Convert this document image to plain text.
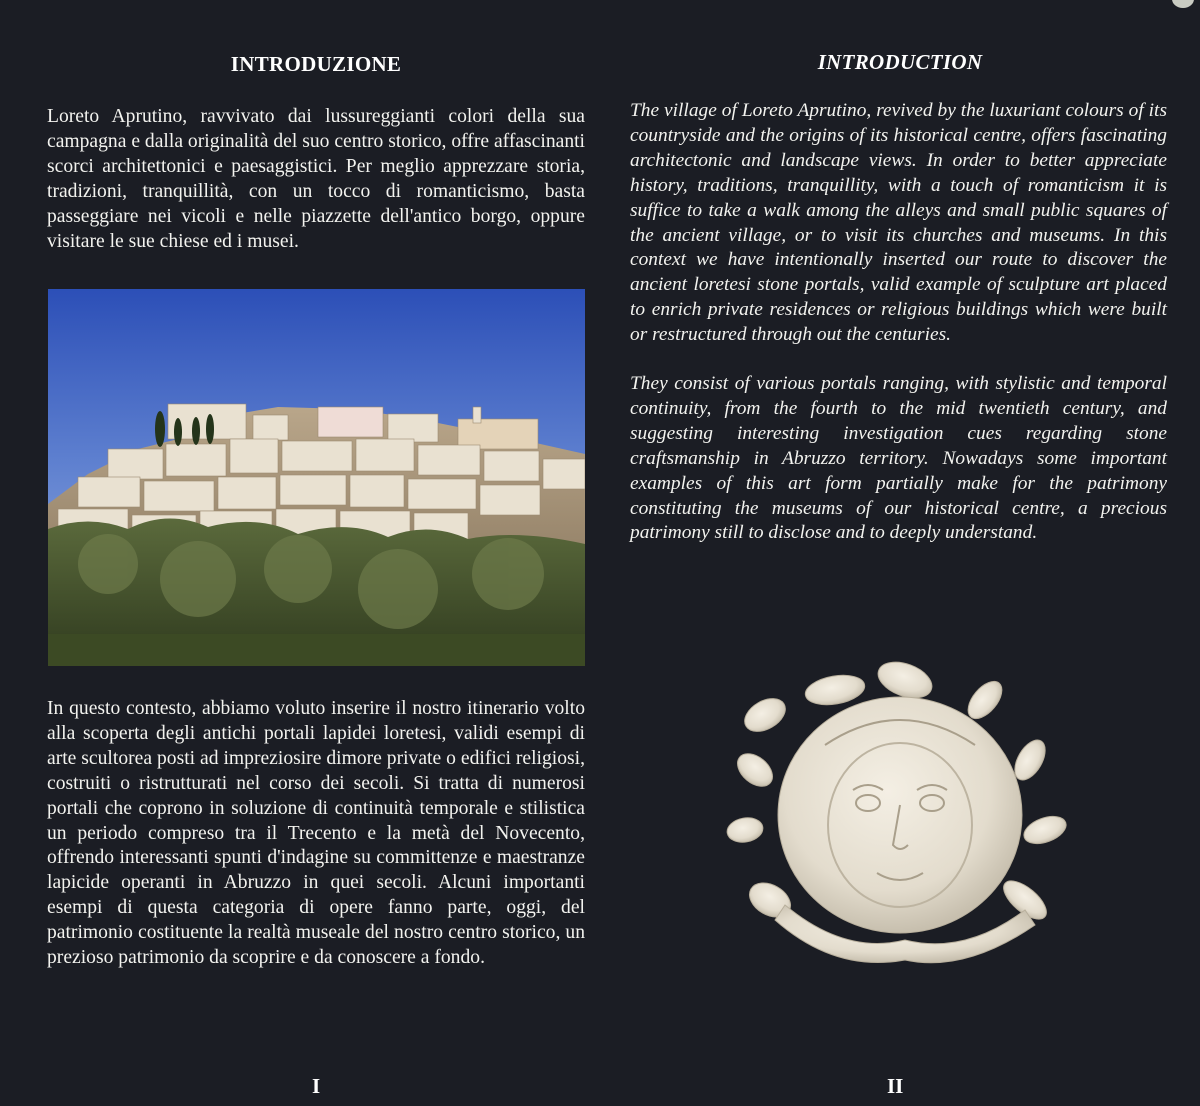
INTRODUZIONE

Loreto Aprutino, ravvivato dai lussureggianti colori della sua campagna e dalla originalità del suo centro storico, offre affascinanti scorci architettonici e paesaggistici. Per meglio apprezzare storia, tradizioni, tranquillità, con un tocco di romanticismo, basta passeggiare nei vicoli e nelle piazzette dell'antico borgo, oppure visitare le sue chiese ed i musei.

In questo contesto, abbiamo voluto inserire il nostro itinerario volto alla scoperta degli antichi portali lapidei loretesi, validi esempi di arte scultorea posti ad impreziosire dimore private o edifici religiosi, costruiti o ristrutturati nel corso dei secoli. Si tratta di numerosi portali che coprono in soluzione di continuità temporale e stilistica un periodo compreso tra il Trecento e la metà del Novecento, offrendo interessanti spunti d'indagine su committenze e maestranze lapicide operanti in Abruzzo in quei secoli. Alcuni importanti esempi di questa categoria di opere fanno parte, oggi, del patrimonio costituente la realtà museale del nostro centro storico, un prezioso patrimonio da scoprire e da conoscere a fondo.

I
INTRODUCTION

The village of Loreto Aprutino, revived by the luxuriant colours of its countryside and the origins of its historical centre, offers fascinating architectonic and landscape views. In order to better appreciate history, traditions, tranquillity, with a touch of romanticism it is suffice to take a walk among the alleys and small public squares of the ancient village, or to visit its churches and museums. In this context we have intentionally inserted our route to discover the ancient loretesi stone portals, valid example of sculpture art placed to enrich private residences or religious buildings which were built or restructured through out the centuries.

They consist of various portals ranging, with stylistic and temporal continuity, from the fourth to the mid twentieth century, and suggesting interesting investigation cues regarding stone craftsmanship in Abruzzo territory. Nowadays some important examples of this art form partially make for the patrimony constituting the museums of our historical centre, a precious patrimony still to disclose and to deeply understand.

II
